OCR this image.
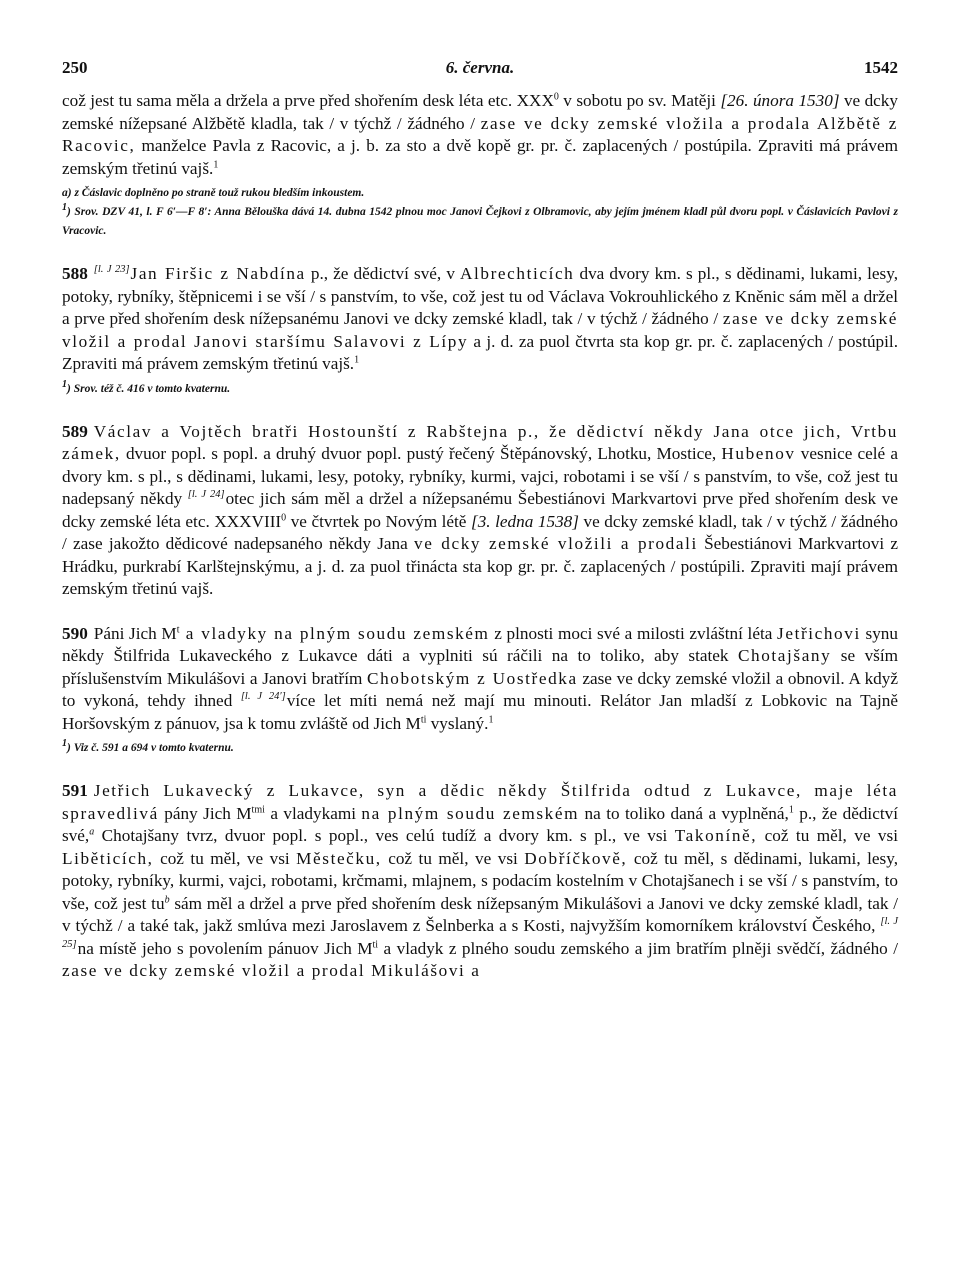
250	6. června.	1542

což jest tu sama měla a držela a prve před shořením desk léta etc. XXX$^0$ v sobotu po sv. Matěji [26. února 1530] ve dcky zemské nížepsané Alžbětě kladla, tak / v týchž / žádného / zase ve dcky zemské vložila a prodala Alžbětě z Racovic, manželce Pavla z Racovic, a j. b. za sto a dvě kopě gr. pr. č. zaplacených / postúpila. Zpraviti má právem zemským třetinú vajš.$^1$

a) z Čáslavic doplněno po straně touž rukou bledším inkoustem.

$^1$) Srov. DZV 41, l. F 6′—F 8′: Anna Bělouška dává 14. dubna 1542 plnou moc Janovi Čejkovi z Olbramovic, aby jejím jménem kladl půl dvoru popl. v Čáslavicích Pavlovi z Vracovic.

588 [l. J 23]Jan Firšic z Nabdína p., že dědictví své, v Albrechticích dva dvory km. s pl., s dědinami, lukami, lesy, potoky, rybníky, štěpnicemi i se vší / s panstvím, to vše, což jest tu od Václava Vokrouhlického z Kněnic sám měl a držel a prve před shořením desk nížepsanému Janovi ve dcky zemské kladl, tak / v týchž / žádného / zase ve dcky zemské vložil a prodal Janovi staršímu Salavovi z Lípy a j. d. za puol čtvrta sta kop gr. pr. č. zaplacených / postúpil. Zpraviti má právem zemským třetinú vajš.$^1$

$^1$) Srov. též č. 416 v tomto kvaternu.

589 Václav a Vojtěch bratři Hostounští z Rabštejna p., že dědictví někdy Jana otce jich, Vrtbu zámek, dvuor popl. s popl. a druhý dvuor popl. pustý řečený Štěpánovský, Lhotku, Mostice, Hubenov vesnice celé a dvory km. s pl., s dědinami, lukami, lesy, potoky, rybníky, kurmi, vajci, robotami i se vší / s panstvím, to vše, což jest tu nadepsaný někdy [l. J 24]otec jich sám měl a držel a nížepsanému Šebestiánovi Markvartovi prve před shořením desk ve dcky zemské léta etc. XXXVIII$^0$ ve čtvrtek po Novým létě [3. ledna 1538] ve dcky zemské kladl, tak / v týchž / žádného / zase jakožto dědicové nadepsaného někdy Jana ve dcky zemské vložili a prodali Šebestiánovi Markvartovi z Hrádku, purkrabí Karlštejnskýmu, a j. d. za puol třinácta sta kop gr. pr. č. zaplacených / postúpili. Zpraviti mají právem zemským třetinú vajš.

590 Páni Jich $M^t$ a vladyky na plným soudu zemském z plnosti moci své a milosti zvláštní léta Jetřichovi synu někdy Štilfrida Lukaveckého z Lukavce dáti a vyplniti sú ráčili na to toliko, aby statek Chotajšany se vším příslušenstvím Mikulášovi a Janovi bratřím Chobotským z Uostředka zase ve dcky zemské vložil a obnovil. A když to vykoná, tehdy ihned [l. J 24′]více let míti nemá než mají mu minouti. Relátor Jan mladší z Lobkovic na Tajně Horšovským z pánuov, jsa k tomu zvláště od Jich $M^{ti}$ vyslaný.$^1$

$^1$) Viz č. 591 a 694 v tomto kvaternu.

591 Jetřich Lukavecký z Lukavce, syn a dědic někdy Štilfrida odtud z Lukavce, maje léta spravedlivá pány Jich $M^{tmi}$ a vladykami na plným soudu zemském na to toliko daná a vyplněná,$^1$ p., že dědictví své,$^a$ Chotajšany tvrz, dvuor popl. s popl., ves celú tudíž a dvory km. s pl., ve vsi Takoníně, což tu měl, ve vsi Liběticích, což tu měl, ve vsi Městečku, což tu měl, ve vsi Dobříčkově, což tu měl, s dědinami, lukami, lesy, potoky, rybníky, kurmi, vajci, robotami, krčmami, mlajnem, s podacím kostelním v Chotajšanech i se vší / s panstvím, to vše, což jest $tu^b$ sám měl a držel a prve před shořením desk nížepsaným Mikulášovi a Janovi ve dcky zemské kladl, tak / v týchž / a také tak, jakž smlúva mezi Jaroslavem z Šelnberka a s Kosti, najvyžším komorníkem království Českého, [l. J 25]na místě jeho s povolením pánuov Jich $M^{ti}$ a vladyk z plného soudu zemského a jim bratřím plněji svědčí, žádného / zase ve dcky zemské vložil a prodal Mikulášovi a
